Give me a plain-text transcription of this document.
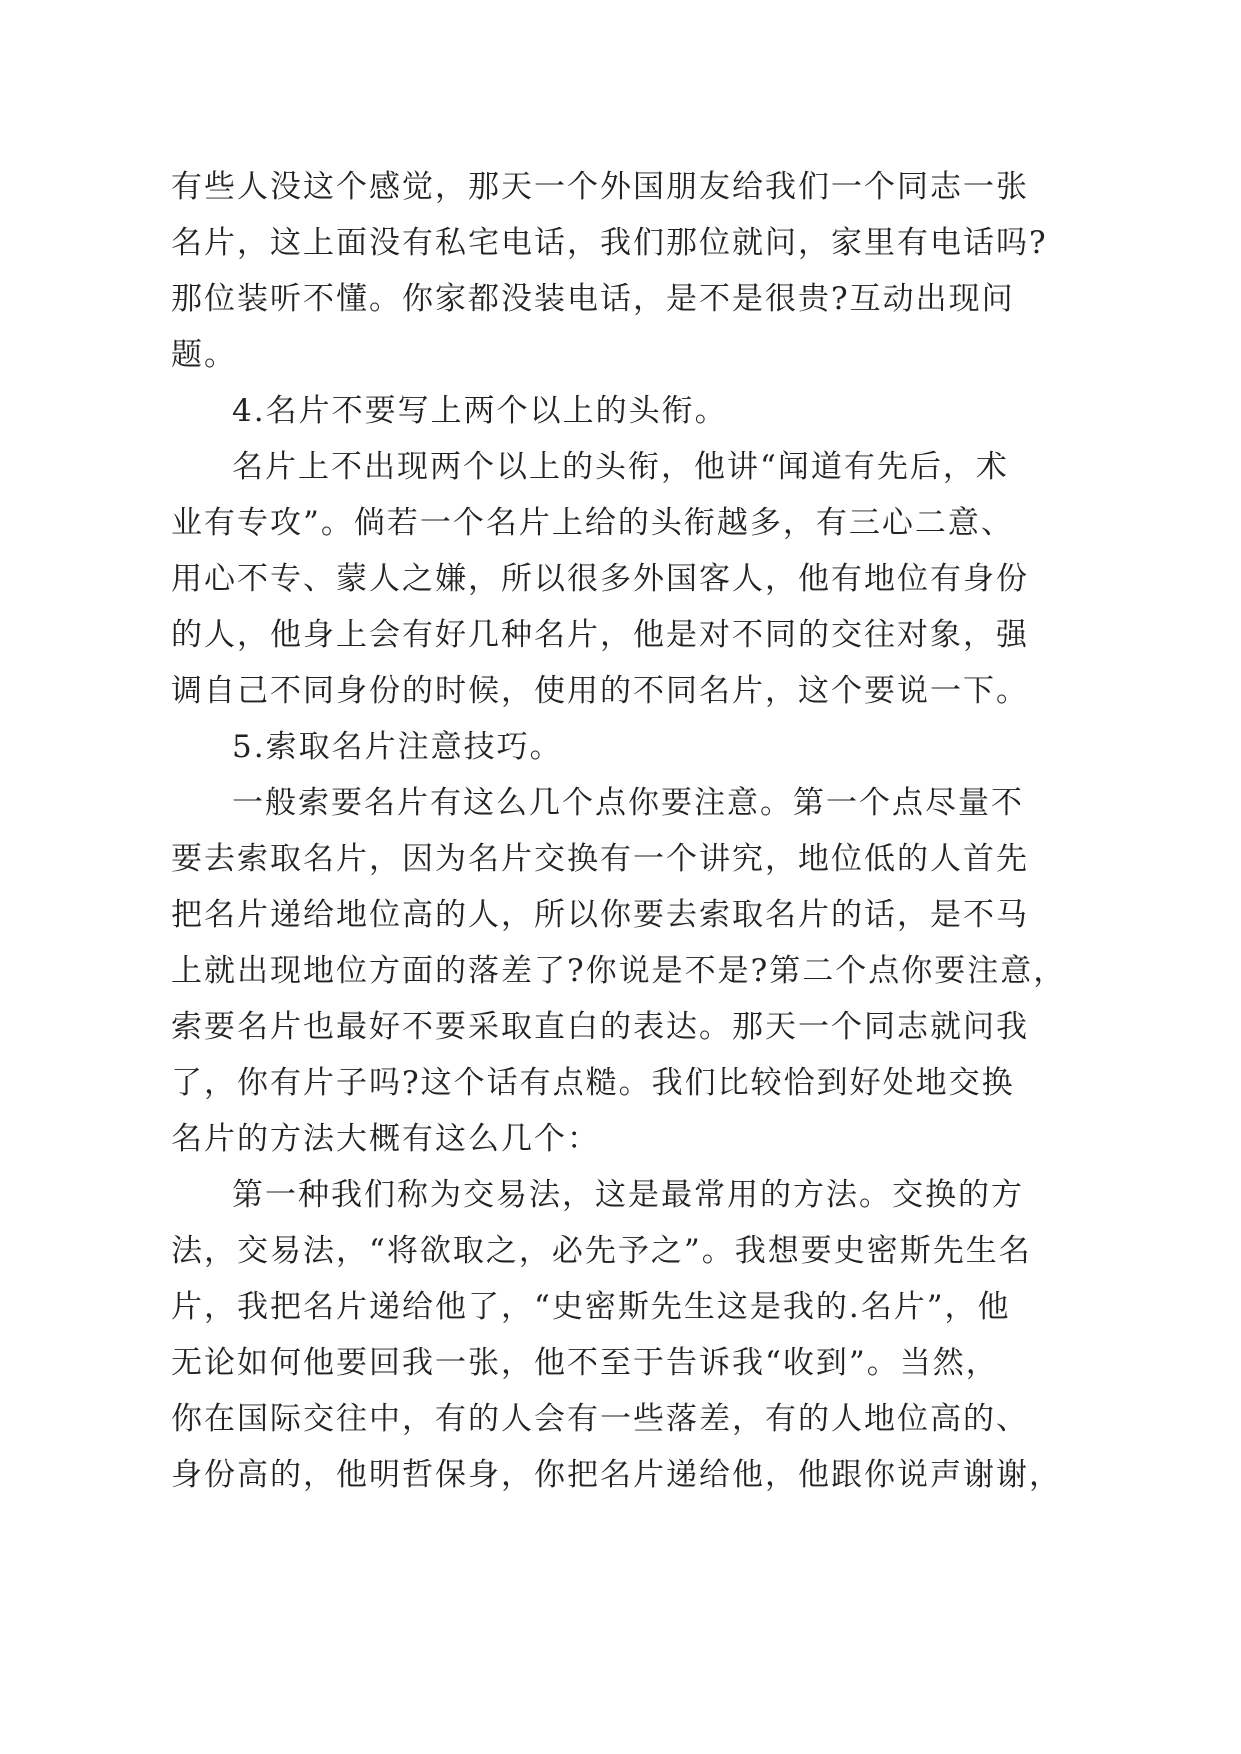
有些人没这个感觉，那天一个外国朋友给我们一个同志一张
名片，这上面没有私宅电话，我们那位就问，家里有电话吗?
那位装听不懂。你家都没装电话，是不是很贵?互动出现问
题。
4.名片不要写上两个以上的头衔。
名片上不出现两个以上的头衔，他讲“闻道有先后，术
业有专攻”。倘若一个名片上给的头衔越多，有三心二意、
用心不专、蒙人之嫌，所以很多外国客人，他有地位有身份
的人，他身上会有好几种名片，他是对不同的交往对象，强
调自己不同身份的时候，使用的不同名片，这个要说一下。
5.索取名片注意技巧。
一般索要名片有这么几个点你要注意。第一个点尽量不
要去索取名片，因为名片交换有一个讲究，地位低的人首先
把名片递给地位高的人，所以你要去索取名片的话，是不马
上就出现地位方面的落差了?你说是不是?第二个点你要注意，
索要名片也最好不要采取直白的表达。那天一个同志就问我
了，你有片子吗?这个话有点糙。我们比较恰到好处地交换
名片的方法大概有这么几个：
第一种我们称为交易法，这是最常用的方法。交换的方
法，交易法，“将欲取之，必先予之”。我想要史密斯先生名
片，我把名片递给他了，“史密斯先生这是我的.名片”，他
无论如何他要回我一张，他不至于告诉我“收到”。当然，
你在国际交往中，有的人会有一些落差，有的人地位高的、
身份高的，他明哲保身，你把名片递给他，他跟你说声谢谢，
